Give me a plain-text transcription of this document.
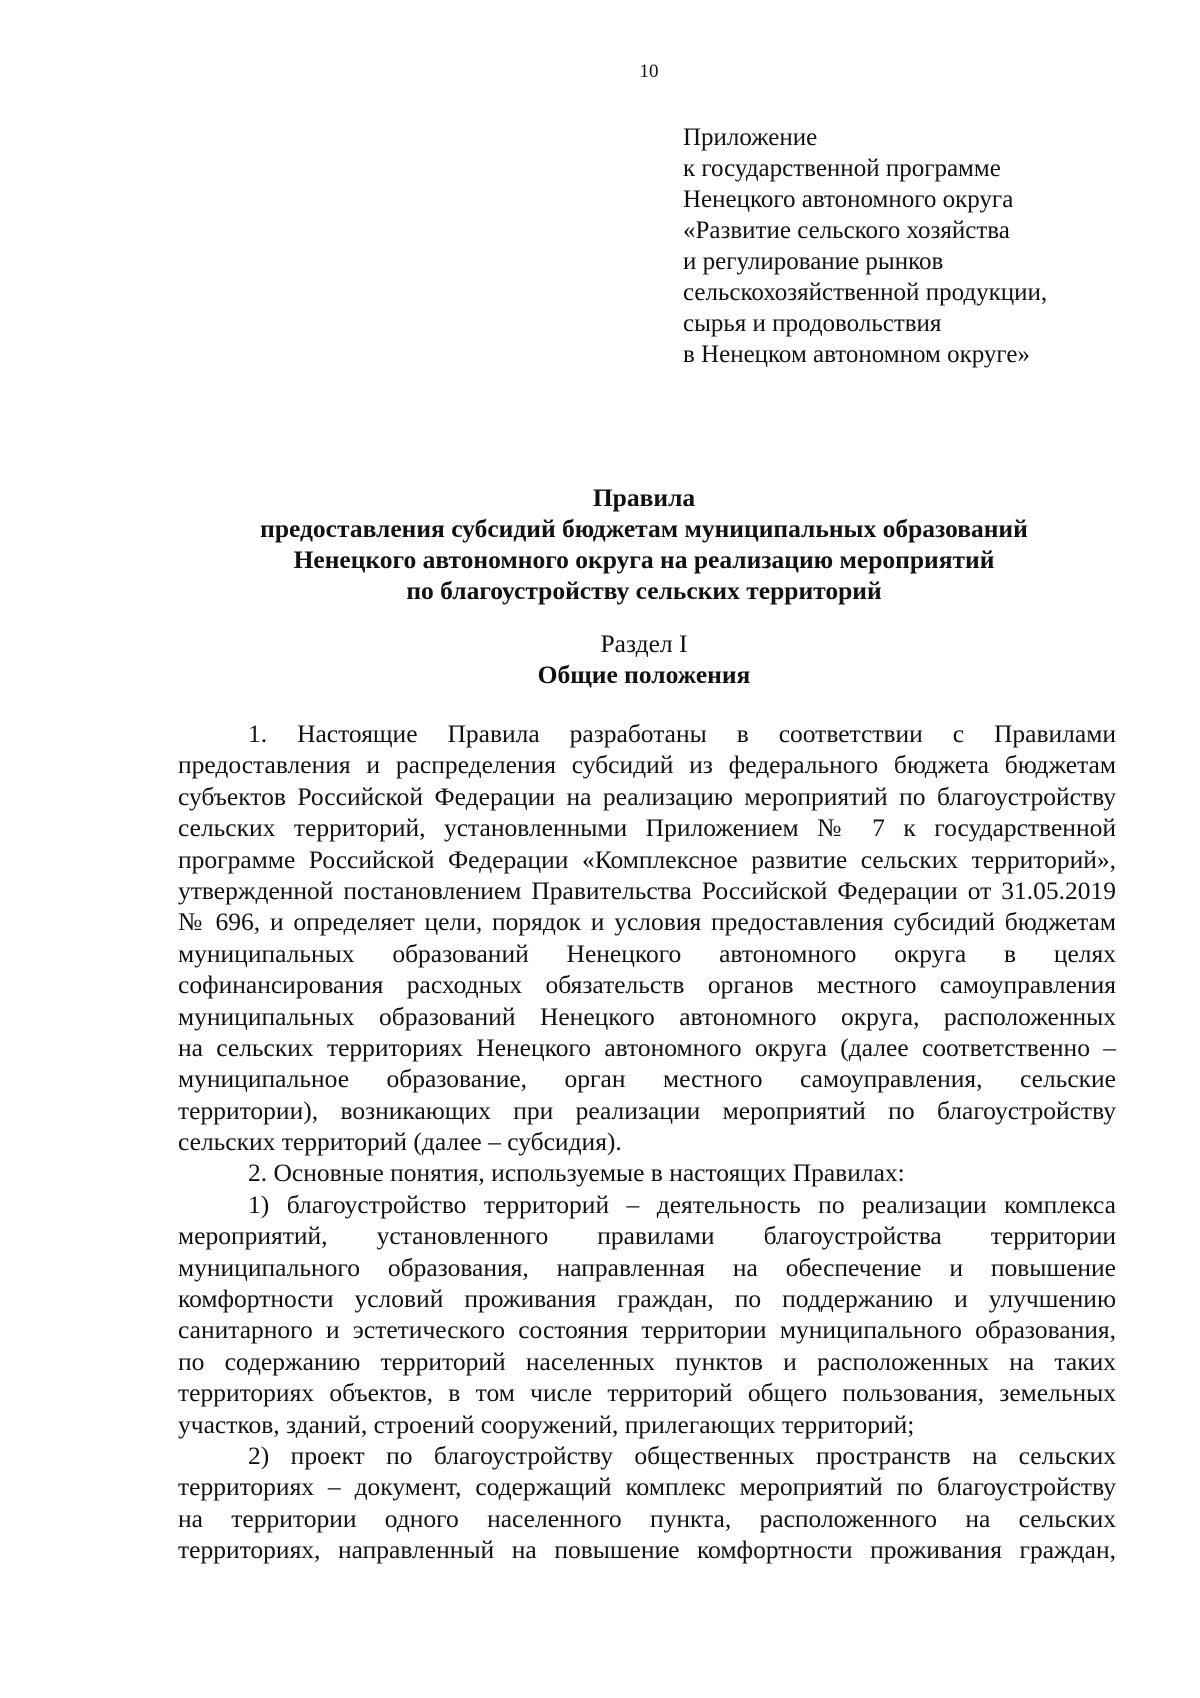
10
Приложение
к государственной программе
Ненецкого автономного округа
«Развитие сельского хозяйства
и регулирование рынков
сельскохозяйственной продукции,
сырья и продовольствия
в Ненецком автономном округе»
Правила
предоставления субсидий бюджетам муниципальных образований
Ненецкого автономного округа на реализацию мероприятий
по благоустройству сельских территорий
Раздел I
Общие положения
1. Настоящие Правила разработаны в соответствии с Правилами
предоставления и распределения субсидий из федерального бюджета бюджетам
субъектов Российской Федерации на реализацию мероприятий по благоустройству
сельских территорий, установленными Приложением № 7 к государственной
программе Российской Федерации «Комплексное развитие сельских территорий»,
утвержденной постановлением Правительства Российской Федерации от 31.05.2019
№ 696, и определяет цели, порядок и условия предоставления субсидий бюджетам
муниципальных образований Ненецкого автономного округа в целях
софинансирования расходных обязательств органов местного самоуправления
муниципальных образований Ненецкого автономного округа, расположенных
на сельских территориях Ненецкого автономного округа (далее соответственно –
муниципальное образование, орган местного самоуправления, сельские
территории), возникающих при реализации мероприятий по благоустройству
сельских территорий (далее – субсидия).
2. Основные понятия, используемые в настоящих Правилах:
1) благоустройство территорий – деятельность по реализации комплекса
мероприятий, установленного правилами благоустройства территории
муниципального образования, направленная на обеспечение и повышение
комфортности условий проживания граждан, по поддержанию и улучшению
санитарного и эстетического состояния территории муниципального образования,
по содержанию территорий населенных пунктов и расположенных на таких
территориях объектов, в том числе территорий общего пользования, земельных
участков, зданий, строений сооружений, прилегающих территорий;
2) проект по благоустройству общественных пространств на сельских
территориях – документ, содержащий комплекс мероприятий по благоустройству
на территории одного населенного пункта, расположенного на сельских
территориях, направленный на повышение комфортности проживания граждан,
